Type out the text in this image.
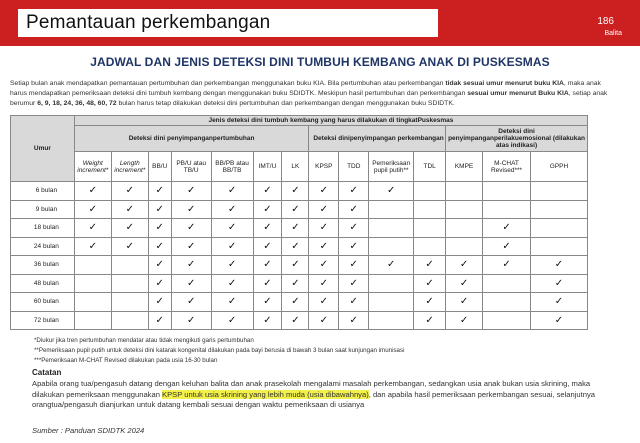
Pemantauan perkembangan	186
Balita
JADWAL DAN JENIS DETEKSI DINI TUMBUH KEMBANG ANAK DI PUSKESMAS
Setiap bulan anak mendapatkan pemantauan pertumbuhan dan perkembangan menggunakan buku KIA. Bila pertumbuhan atau perkembangan tidak sesuai umur menurut buku KIA, maka anak harus mendapatkan pemeriksaan deteksi dini tumbuh kembang dengan menggunakan buku SDIDTK. Meskipun hasil pertumbuhan dan perkembangan sesuai umur menurut Buku KIA, setiap anak berumur 6, 9, 18, 24, 36, 48, 60, 72 bulan harus tetap dilakukan deteksi dini pertumbuhan dan perkembangan dengan menggunakan buku SDIDTK.
Umur	Jenis deteksi dini tumbuh kembang yang harus dilakukan di tingkatPuskesmas													
	Deteksi dini penyimpanganpertumbuhan							Deteksi dinipenyimpangan perkembangan				Deteksi dini penyimpanganperilakuemosional (dilakukan atas indikasi)		
	Weight increment*	Length increment*	BB/U	PB/U atau TB/U	BB/PB atau BB/TB	IMT/U	LK	KPSP	TDD	Pemeriksaan pupil putih**	TDL	KMPE	M-CHAT Revised***	GPPH
6 bulan	✓	✓	✓	✓	✓	✓	✓	✓	✓	✓				
9 bulan	✓	✓	✓	✓	✓	✓	✓	✓	✓					
18 bulan	✓	✓	✓	✓	✓	✓	✓	✓	✓				✓	
24 bulan	✓	✓	✓	✓	✓	✓	✓	✓	✓				✓	
36 bulan			✓	✓	✓	✓	✓	✓	✓	✓	✓	✓	✓	✓
48 bulan			✓	✓	✓	✓	✓	✓	✓		✓	✓		✓
60 bulan			✓	✓	✓	✓	✓	✓	✓		✓	✓		✓
72 bulan			✓	✓	✓	✓	✓	✓	✓		✓	✓		✓
*Diukur jika tren pertumbuhan mendatar atau tidak mengikuti garis pertumbuhan
**Pemeriksaan pupil putih untuk deteksi dini katarak kongenital dilakukan pada bayi berusia di bawah 3 bulan saat kunjungan imunisasi
***Pemeriksaan M-CHAT Revised dilakukan pada usia 16-30 bulan
Catatan
Apabila orang tua/pengasuh datang dengan keluhan balita dan anak prasekolah mengalami masalah perkembangan, sedangkan usia anak bukan usia skrining, maka dilakukan pemeriksaan menggunakan KPSP untuk usia skrining yang lebih muda (usia dibawahnya), dan apabila hasil pemeriksaan perkembangan sesuai, selanjutnya orangtua/pengasuh dianjurkan untuk datang kembali sesuai dengan waktu pemeriksaan di usianya
Sumber : Panduan SDIDTK 2024
